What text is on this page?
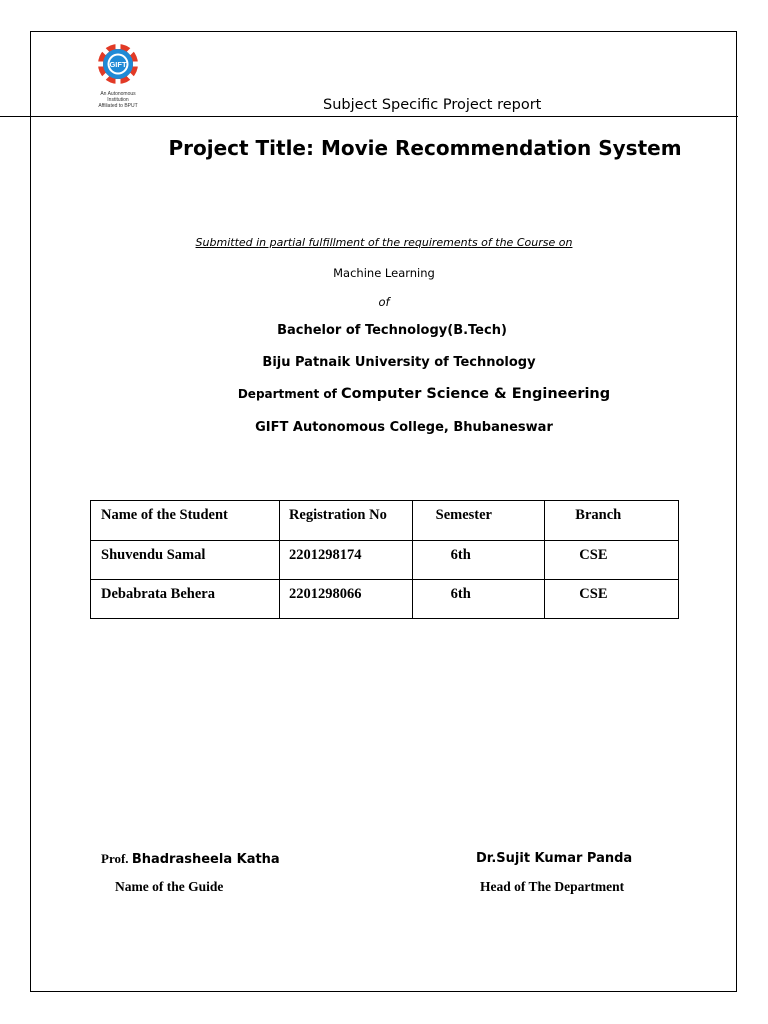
GIFT
An Autonomous
Institution
Affiliated to BPUT	Subject Specific Project report
Project Title: Movie Recommendation System
Submitted in partial fulfillment of the requirements of the Course on
Machine Learning
of
Bachelor of Technology(B.Tech)
Biju Patnaik University of Technology
Department of Computer Science & Engineering
GIFT Autonomous College, Bhubaneswar
Name of the Student	Registration No	Semester	Branch
Shuvendu Samal	2201298174	6th	CSE
Debabrata Behera	2201298066	6th	CSE
Prof. Bhadrasheela Katha	Dr.Sujit Kumar Panda
Name of the Guide	Head of The Department
